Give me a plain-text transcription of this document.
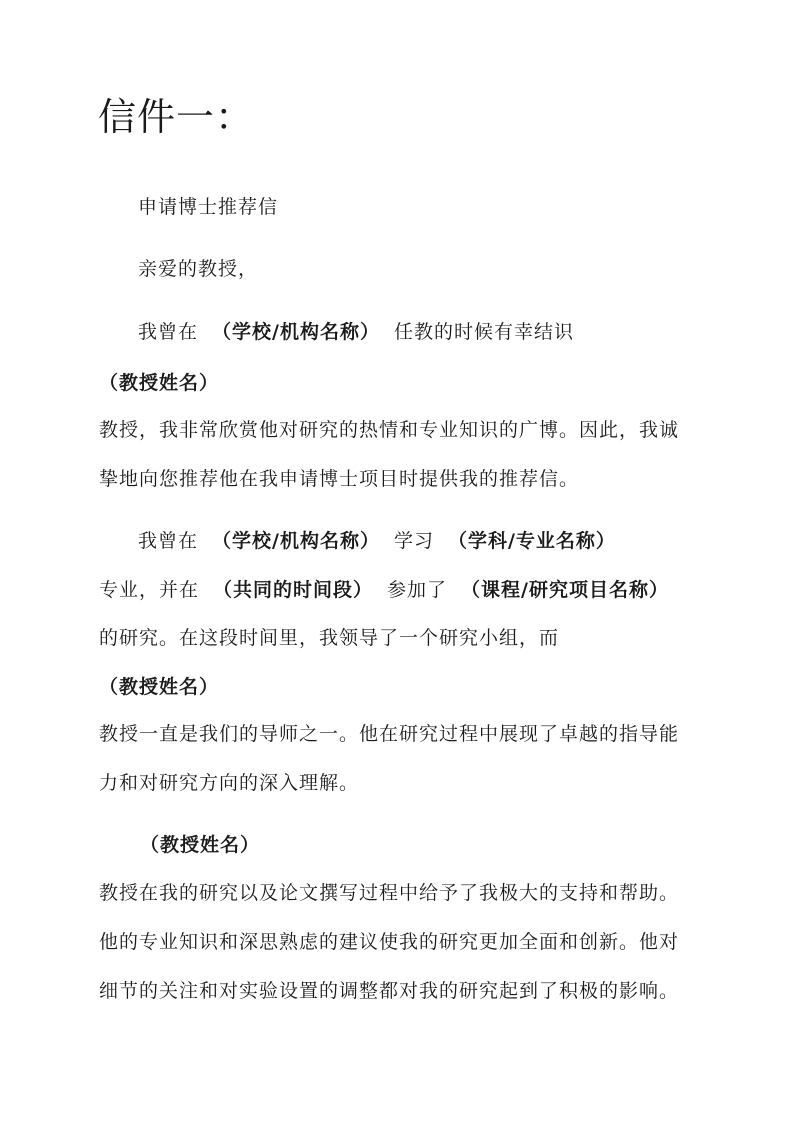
信件一：
申请博士推荐信
亲爱的教授，
我曾在 （学校/机构名称） 任教的时候有幸结识
（教授姓名）
教授，我非常欣赏他对研究的热情和专业知识的广博。因此，我诚
挚地向您推荐他在我申请博士项目时提供我的推荐信。
我曾在 （学校/机构名称） 学习 （学科/专业名称）
专业，并在 （共同的时间段） 参加了 （课程/研究项目名称）
的研究。在这段时间里，我领导了一个研究小组，而
（教授姓名）
教授一直是我们的导师之一。他在研究过程中展现了卓越的指导能
力和对研究方向的深入理解。
（教授姓名）
教授在我的研究以及论文撰写过程中给予了我极大的支持和帮助。
他的专业知识和深思熟虑的建议使我的研究更加全面和创新。他对
细节的关注和对实验设置的调整都对我的研究起到了积极的影响。
